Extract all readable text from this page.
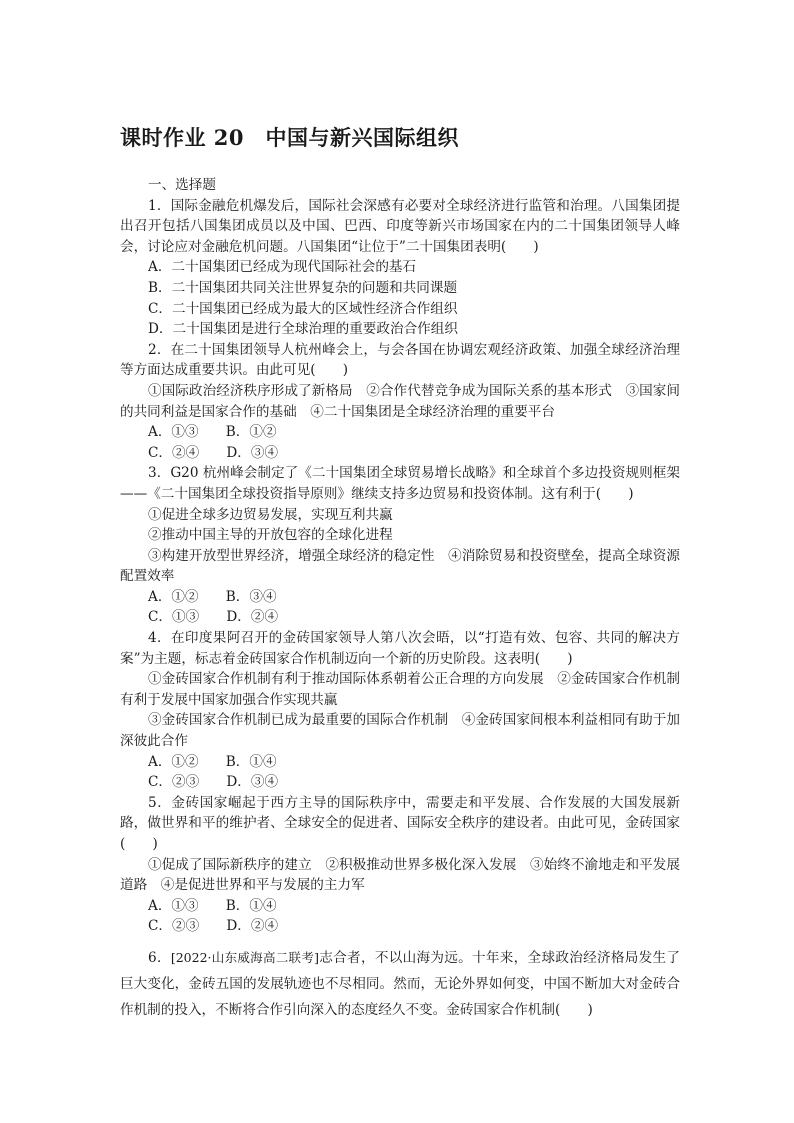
课时作业 20　中国与新兴国际组织
一、选择题

1．国际金融危机爆发后，国际社会深感有必要对全球经济进行监管和治理。八国集团提出召开包括八国集团成员以及中国、巴西、印度等新兴市场国家在内的二十国集团领导人峰会，讨论应对金融危机问题。八国集团“让位于”二十国集团表明(　　)

A．二十国集团已经成为现代国际社会的基石

B．二十国集团共同关注世界复杂的问题和共同课题

C．二十国集团已经成为最大的区域性经济合作组织

D．二十国集团是进行全球治理的重要政治合作组织

2．在二十国集团领导人杭州峰会上，与会各国在协调宏观经济政策、加强全球经济治理等方面达成重要共识。由此可见(　　)

①国际政治经济秩序形成了新格局　②合作代替竞争成为国际关系的基本形式　③国家间的共同利益是国家合作的基础　④二十国集团是全球经济治理的重要平台

A．①③　　B．①②

C．②④　　D．③④

3．G20 杭州峰会制定了《二十国集团全球贸易增长战略》和全球首个多边投资规则框架——《二十国集团全球投资指导原则》继续支持多边贸易和投资体制。这有利于(　　)

①促进全球多边贸易发展，实现互利共赢

②推动中国主导的开放包容的全球化进程

③构建开放型世界经济，增强全球经济的稳定性　④消除贸易和投资壁垒，提高全球资源配置效率

A．①②　　B．③④

C．①③　　D．②④

4．在印度果阿召开的金砖国家领导人第八次会晤，以“打造有效、包容、共同的解决方案”为主题，标志着金砖国家合作机制迈向一个新的历史阶段。这表明(　　)

①金砖国家合作机制有利于推动国际体系朝着公正合理的方向发展　②金砖国家合作机制有利于发展中国家加强合作实现共赢

③金砖国家合作机制已成为最重要的国际合作机制　④金砖国家间根本利益相同有助于加深彼此合作

A．①②　　B．①④

C．②③　　D．③④

5．金砖国家崛起于西方主导的国际秩序中，需要走和平发展、合作发展的大国发展新路，做世界和平的维护者、全球安全的促进者、国际安全秩序的建设者。由此可见，金砖国家(　　)

①促成了国际新秩序的建立　②积极推动世界多极化深入发展　③始终不渝地走和平发展道路　④是促进世界和平与发展的主力军

A．①③　　B．①④

C．②③　　D．②④

6．[2022·山东威海高二联考]志合者，不以山海为远。十年来，全球政治经济格局发生了巨大变化，金砖五国的发展轨迹也不尽相同。然而，无论外界如何变，中国不断加大对金砖合作机制的投入，不断将合作引向深入的态度经久不变。金砖国家合作机制(　　)
